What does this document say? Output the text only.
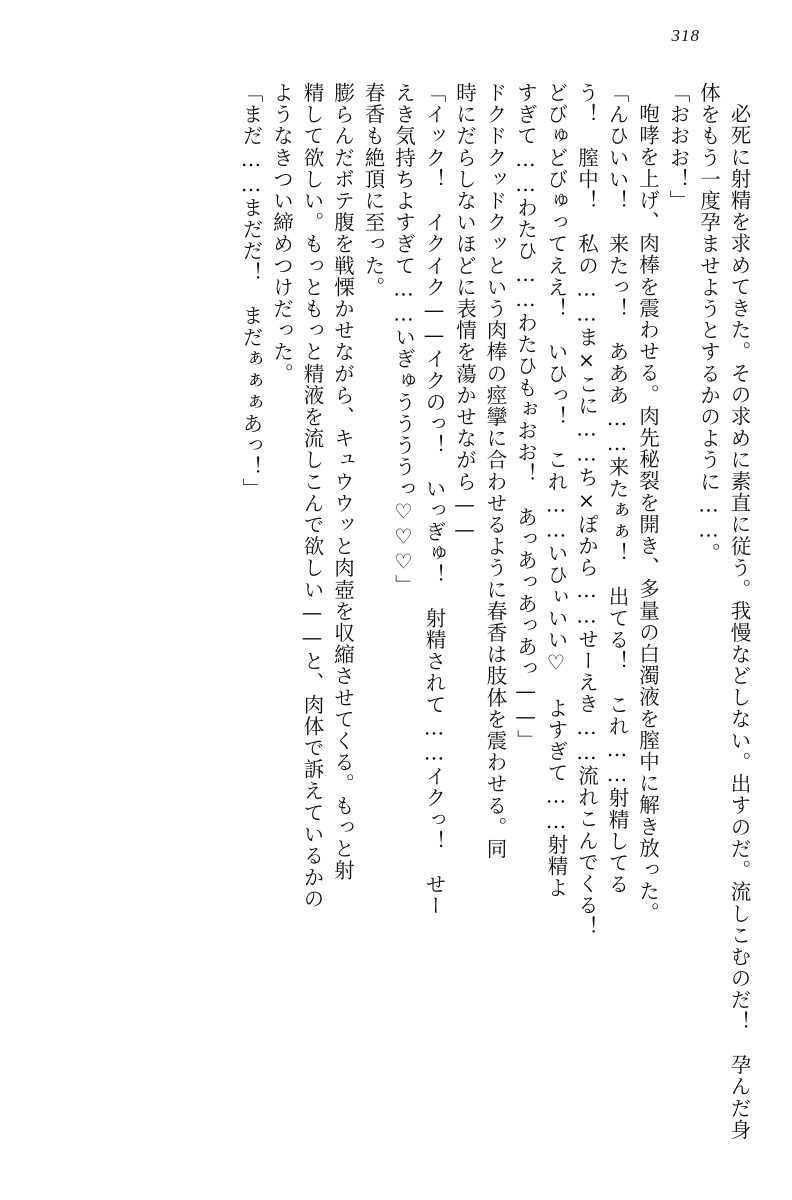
318

必死に射精を求めてきた。その求めに素直に従う。我慢などしない。出すのだ。流しこむのだ！　孕んだ身体をもう一度孕ませようとするかのように……。

「おおお！」

咆哮を上げ、肉棒を震わせる。肉先秘裂を開き、多量の白濁液を膣中に解き放った。

「んひいい！　来たっ！　あああ……来たぁぁ！　出てる！　これ……射精してる

う！　膣中！　私の……ま×こに……ち×ぽから……せーえき……流れこんでくる！

どびゅどびゅってええ！　いひっ！　これ……いひぃいい♡　よすぎて……射精よ

すぎて……わたひ……わたひもぉおお！　あっあっあっあっ——」

ドクドクッドクッという肉棒の痙攣に合わせるように春香は肢体を震わせる。同

時にだらしないほどに表情を蕩かせながら——

「イック！　イクイク——イクのっ！　いっぎゅ！　射精されて……イクっ！　せー

えき気持ちよすぎて……いぎゅううううっ♡♡♡」

春香も絶頂に至った。

膨らんだボテ腹を戦慄かせながら、キュウウッと肉壺を収縮させてくる。もっと射

精して欲しい。もっともっと精液を流しこんで欲しい——と、肉体で訴えているかの

ようなきつい締めつけだった。

「まだ……まだだ！　まだぁぁぁあっ！」
